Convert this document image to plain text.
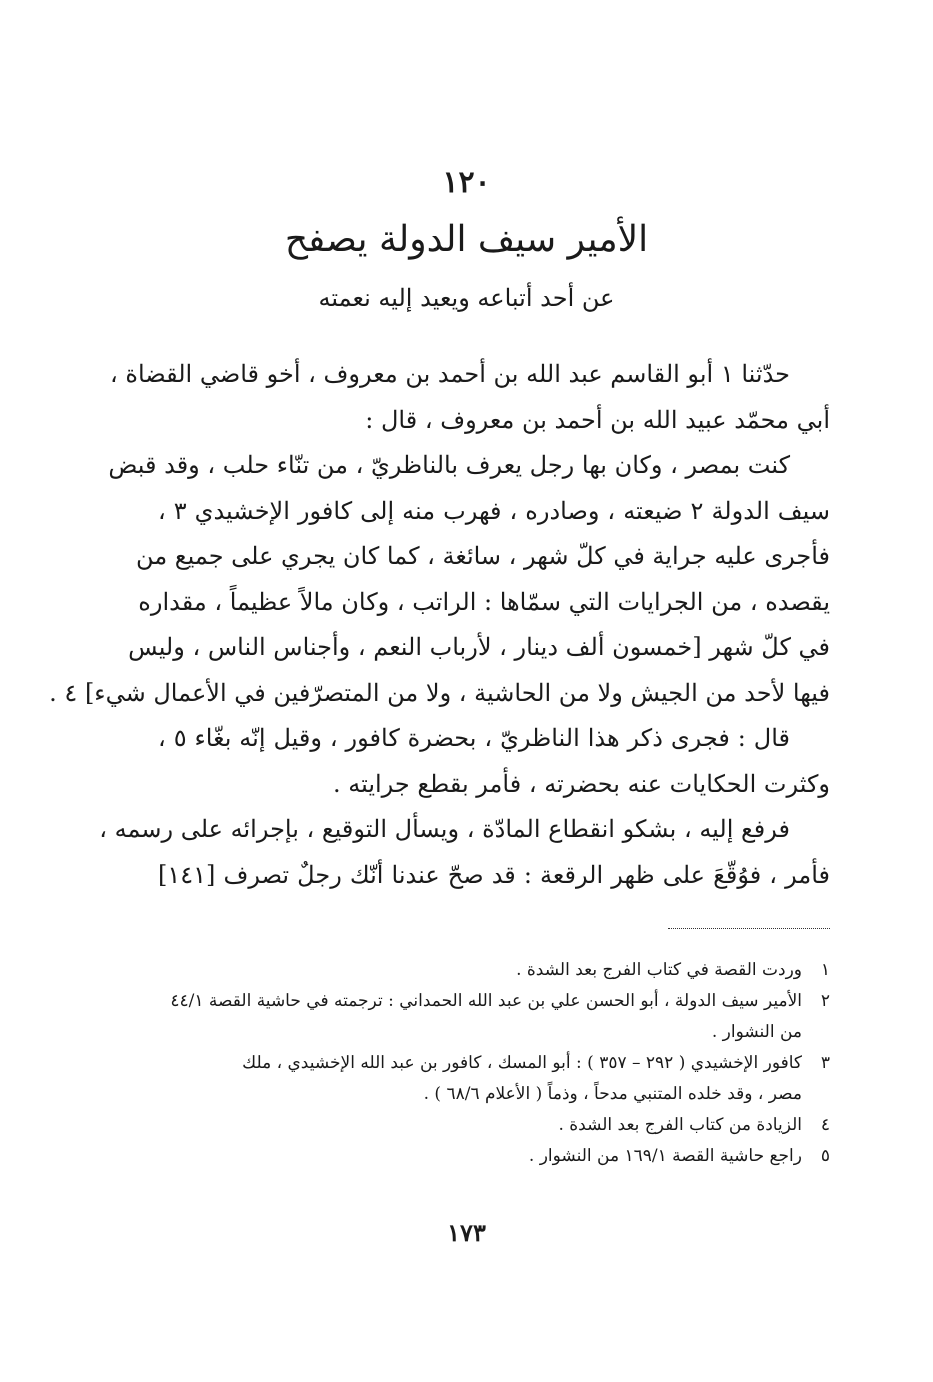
١٢٠
الأمير سيف الدولة يصفح
عن أحد أتباعه ويعيد إليه نعمته
حدّثنا ١ أبو القاسم عبد الله بن أحمد بن معروف ، أخو قاضي القضاة ،
أبي محمّد عبيد الله بن أحمد بن معروف ، قال :
كنت بمصر ، وكان بها رجل يعرف بالناظريّ ، من تنّاء حلب ، وقد قبض
سيف الدولة ٢ ضيعته ، وصادره ، فهرب منه إلى كافور الإخشيدي ٣ ،
فأجرى عليه جراية في كلّ شهر ، سائغة ، كما كان يجري على جميع من
يقصده ، من الجرايات التي سمّاها : الراتب ، وكان مالاً عظيماً ، مقداره
في كلّ شهر [خمسون ألف دينار ، لأرباب النعم ، وأجناس الناس ، وليس
فيها لأحد من الجيش ولا من الحاشية ، ولا من المتصرّفين في الأعمال شيء] ٤ .
قال : فجرى ذكر هذا الناظريّ ، بحضرة كافور ، وقيل إنّه بغّاء ٥ ،
وكثرت الحكايات عنه بحضرته ، فأمر بقطع جرايته .
فرفع إليه ، بشكو انقطاع المادّة ، ويسأل التوقيع ، بإجرائه على رسمه ،
فأمر ، فوُقّعَ على ظهر الرقعة : قد صحّ عندنا أنّك رجلٌ تصرف [١٤١]
١
وردت القصة في كتاب الفرج بعد الشدة .
٢
الأمير سيف الدولة ، أبو الحسن علي بن عبد الله الحمداني : ترجمته في حاشية القصة ٤٤/١
من النشوار .
٣
كافور الإخشيدي ( ٢٩٢ – ٣٥٧ ) : أبو المسك ، كافور بن عبد الله الإخشيدي ، ملك
مصر ، وقد خلده المتنبي مدحاً ، وذماً ( الأعلام ٦٨/٦ ) .
٤
الزيادة من كتاب الفرج بعد الشدة .
٥
راجع حاشية القصة ١٦٩/١ من النشوار .
١٧٣
